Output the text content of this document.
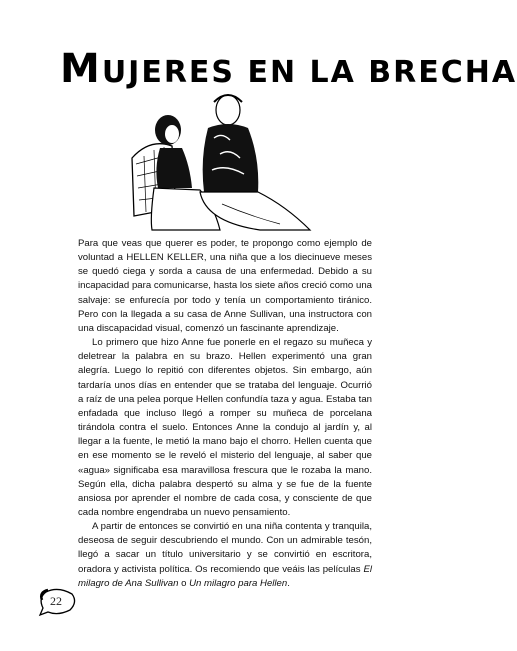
MUJERES EN LA BRECHA

Para que veas que querer es poder, te propongo como ejemplo de voluntad a HELLEN KELLER, una niña que a los diecinueve meses se quedó ciega y sorda a causa de una enfermedad. Debido a su incapacidad para comunicarse, hasta los siete años creció como una salvaje: se enfurecía por todo y tenía un comportamiento tiránico. Pero con la llegada a su casa de Anne Sullivan, una instructora con una discapacidad visual, comenzó un fascinante aprendizaje.

Lo primero que hizo Anne fue ponerle en el regazo su muñeca y deletrear la palabra en su brazo. Hellen experimentó una gran alegría. Luego lo repitió con diferentes objetos. Sin embargo, aún tardaría unos días en entender que se trataba del lenguaje. Ocurrió a raíz de una pelea porque Hellen confundía taza y agua. Estaba tan enfadada que incluso llegó a romper su muñeca de porcelana tirándola contra el suelo. Entonces Anne la condujo al jardín y, al llegar a la fuente, le metió la mano bajo el chorro. Hellen cuenta que en ese momento se le reveló el misterio del lenguaje, al saber que «agua» significaba esa maravillosa frescura que le rozaba la mano. Según ella, dicha palabra despertó su alma y se fue de la fuente ansiosa por aprender el nombre de cada cosa, y consciente de que cada nombre engendraba un nuevo pensamiento.

A partir de entonces se convirtió en una niña contenta y tranquila, deseosa de seguir descubriendo el mundo. Con un admirable tesón, llegó a sacar un título universitario y se convirtió en escritora, oradora y activista política. Os recomiendo que veáis las películas El milagro de Ana Sullivan o Un milagro para Hellen.

22
